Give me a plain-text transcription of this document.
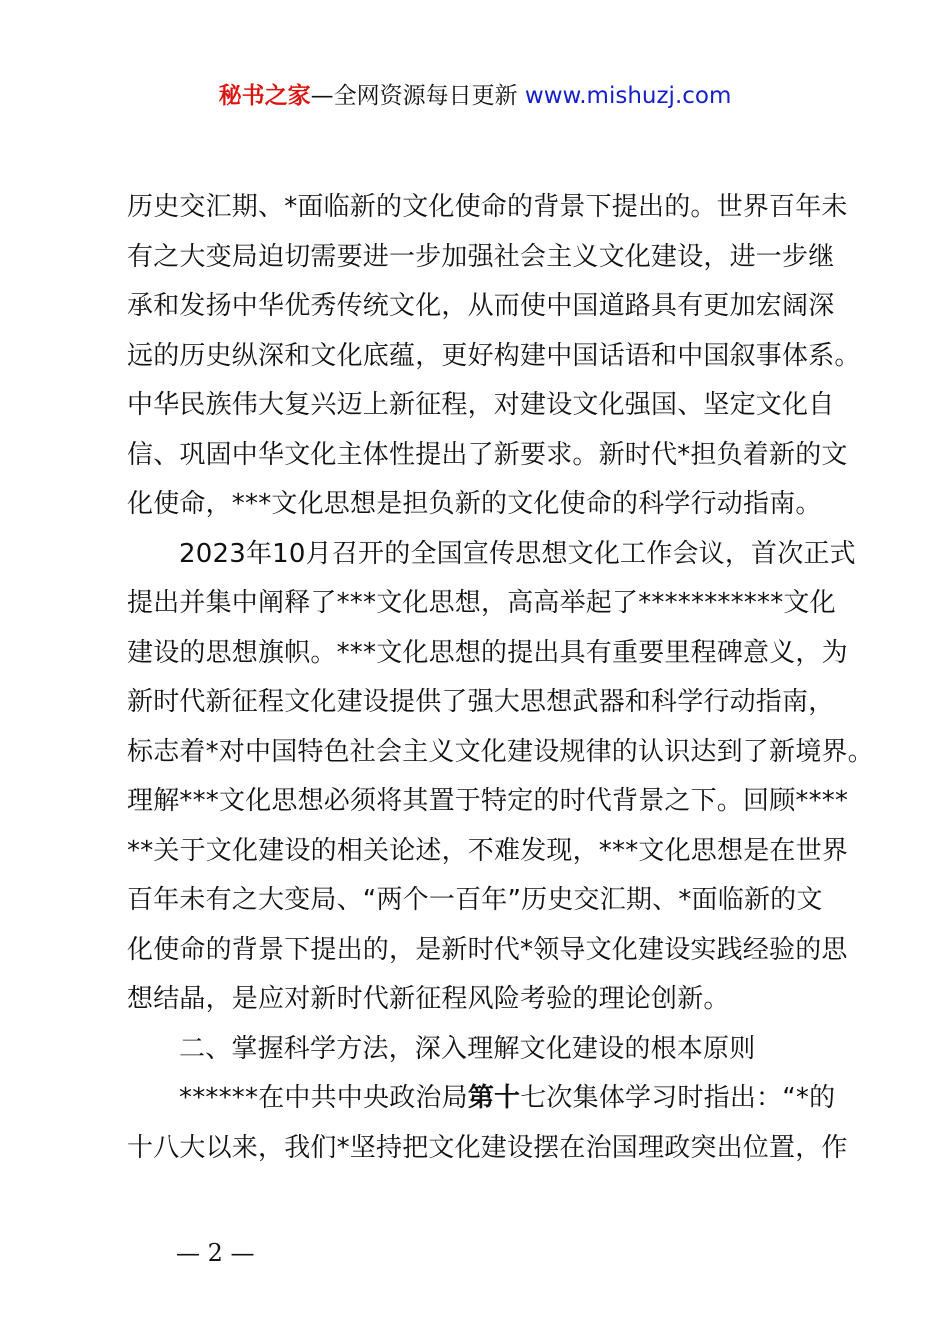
秘书之家—全网资源每日更新 www.mishuzj.com
历史交汇期、*面临新的文化使命的背景下提出的。世界百年未
有之大变局迫切需要进一步加强社会主义文化建设，进一步继
承和发扬中华优秀传统文化，从而使中国道路具有更加宏阔深
远的历史纵深和文化底蕴，更好构建中国话语和中国叙事体系。
中华民族伟大复兴迈上新征程，对建设文化强国、坚定文化自
信、巩固中华文化主体性提出了新要求。新时代*担负着新的文
化使命，***文化思想是担负新的文化使命的科学行动指南。
2023年10月召开的全国宣传思想文化工作会议，首次正式
提出并集中阐释了***文化思想，高高举起了***********文化
建设的思想旗帜。***文化思想的提出具有重要里程碑意义，为
新时代新征程文化建设提供了强大思想武器和科学行动指南，
标志着*对中国特色社会主义文化建设规律的认识达到了新境界。
理解***文化思想必须将其置于特定的时代背景之下。回顾****
**关于文化建设的相关论述，不难发现，***文化思想是在世界
百年未有之大变局、“两个一百年”历史交汇期、*面临新的文
化使命的背景下提出的，是新时代*领导文化建设实践经验的思
想结晶，是应对新时代新征程风险考验的理论创新。
二、掌握科学方法，深入理解文化建设的根本原则
******在中共中央政治局第十七次集体学习时指出：“*的
十八大以来，我们*坚持把文化建设摆在治国理政突出位置，作
— 2 —
